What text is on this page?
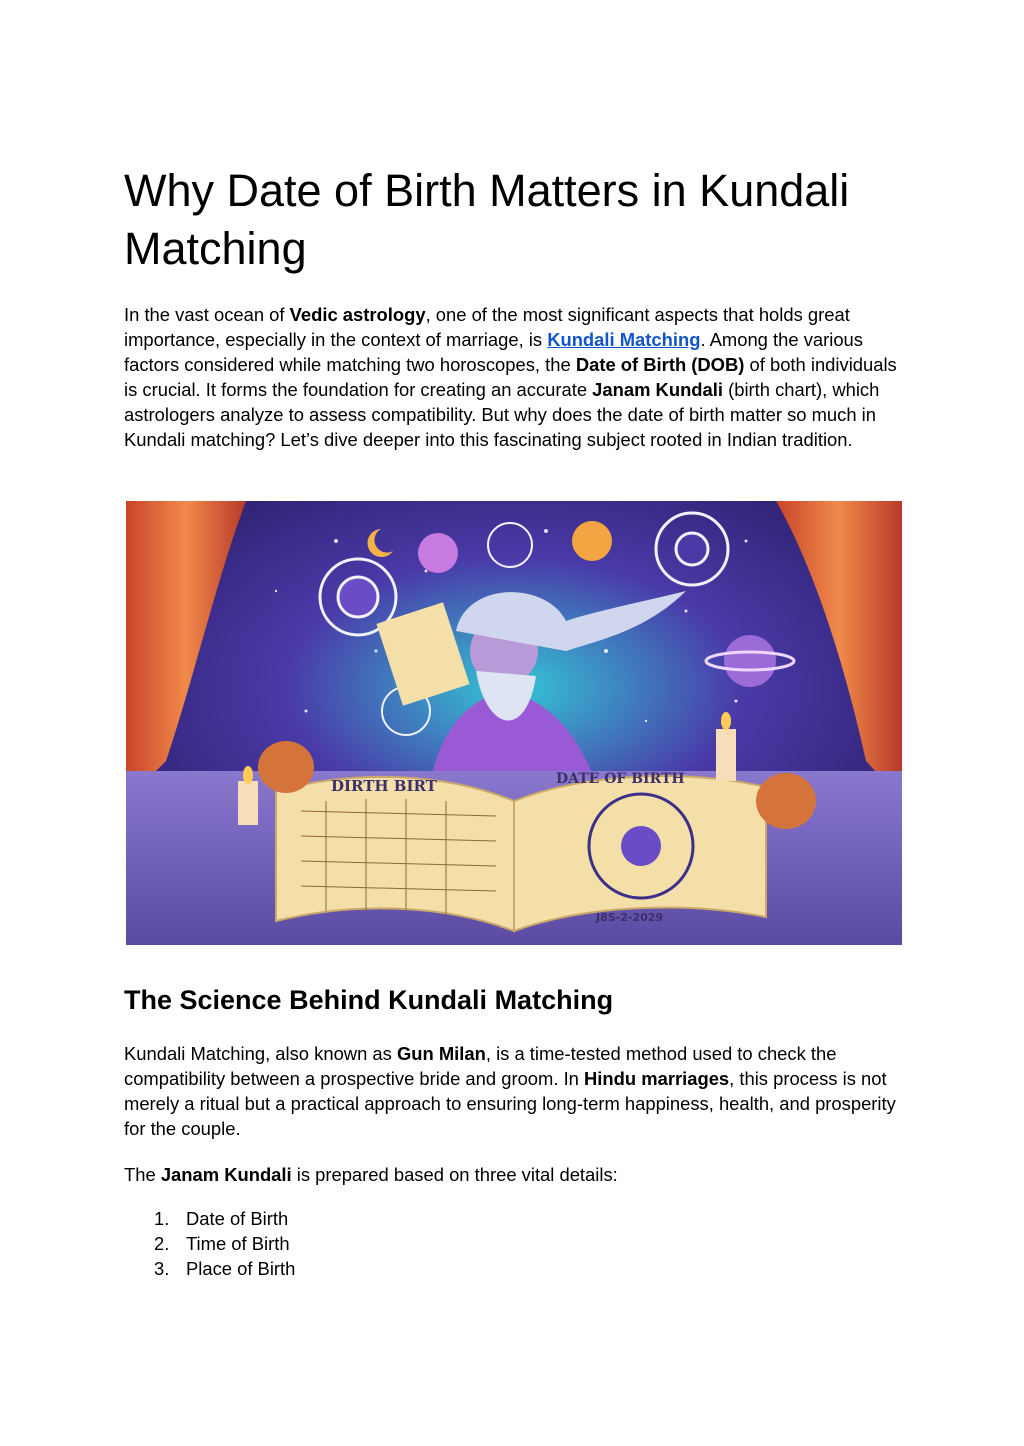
Why Date of Birth Matters in Kundali Matching

In the vast ocean of Vedic astrology, one of the most significant aspects that holds great importance, especially in the context of marriage, is Kundali Matching. Among the various factors considered while matching two horoscopes, the Date of Birth (DOB) of both individuals is crucial. It forms the foundation for creating an accurate Janam Kundali (birth chart), which astrologers analyze to assess compatibility. But why does the date of birth matter so much in Kundali matching? Let’s dive deeper into this fascinating subject rooted in Indian tradition.

DIRTH BIRT	DATE OF BIRTH
J8S-2-2029
The Science Behind Kundali Matching

Kundali Matching, also known as Gun Milan, is a time-tested method used to check the compatibility between a prospective bride and groom. In Hindu marriages, this process is not merely a ritual but a practical approach to ensuring long-term happiness, health, and prosperity for the couple.

The Janam Kundali is prepared based on three vital details:

1. Date of Birth
2. Time of Birth
3. Place of Birth
